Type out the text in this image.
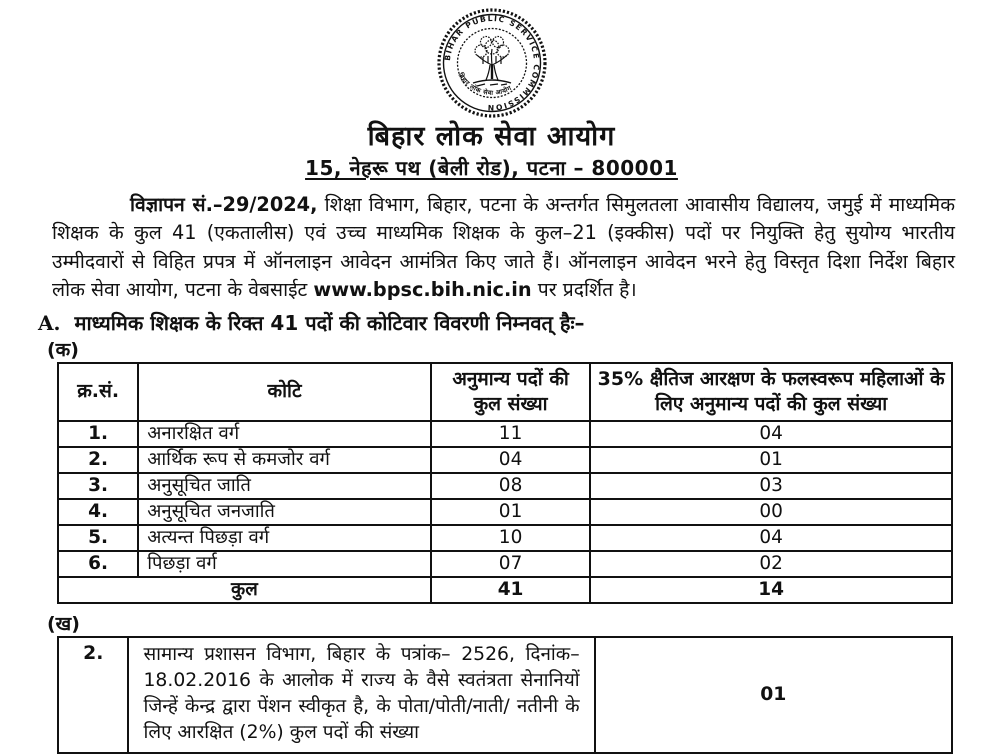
BIHAR PUBLIC SERVICE COMMISSION
बिहार लोक सेवा आयोग
बिहार लोक सेवा आयोग
15, नेहरू पथ (बेली रोड), पटना – 800001

विज्ञापन सं.–29/2024, शिक्षा विभाग, बिहार, पटना के अन्तर्गत सिमुलतला आवासीय विद्यालय, जमुई में माध्यमिक शिक्षक के कुल 41 (एकतालीस) एवं उच्च माध्यमिक शिक्षक के कुल–21 (इक्कीस) पदों पर नियुक्ति हेतु सुयोग्य भारतीय उम्मीदवारों से विहित प्रपत्र में ऑनलाइन आवेदन आमंत्रित किए जाते हैं। ऑनलाइन आवेदन भरने हेतु विस्तृत दिशा निर्देश बिहार लोक सेवा आयोग, पटना के वेबसाईट www.bpsc.bih.nic.in पर प्रदर्शित है।

A. माध्यमिक शिक्षक के रिक्त 41 पदों की कोटिवार विवरणी निम्नवत् हैः–
(क)
क्र.सं.	कोटि	अनुमान्य पदों की कुल संख्या	35% क्षैतिज आरक्षण के फलस्वरूप महिलाओं के लिए अनुमान्य पदों की कुल संख्या
1.	अनारक्षित वर्ग	11	04
2.	आर्थिक रूप से कमजोर वर्ग	04	01
3.	अनुसूचित जाति	08	03
4.	अनुसूचित जनजाति	01	00
5.	अत्यन्त पिछड़ा वर्ग	10	04
6.	पिछड़ा वर्ग	07	02
कुल		41	14
(ख)
2.	सामान्य प्रशासन विभाग, बिहार के पत्रांक– 2526, दिनांक– 18.02.2016 के आलोक में राज्य के वैसे स्वतंत्रता सेनानियों जिन्हें केन्द्र द्वारा पेंशन स्वीकृत है, के पोता/पोती/नाती/ नतीनी के लिए आरक्षित (2%) कुल पदों की संख्या	01
